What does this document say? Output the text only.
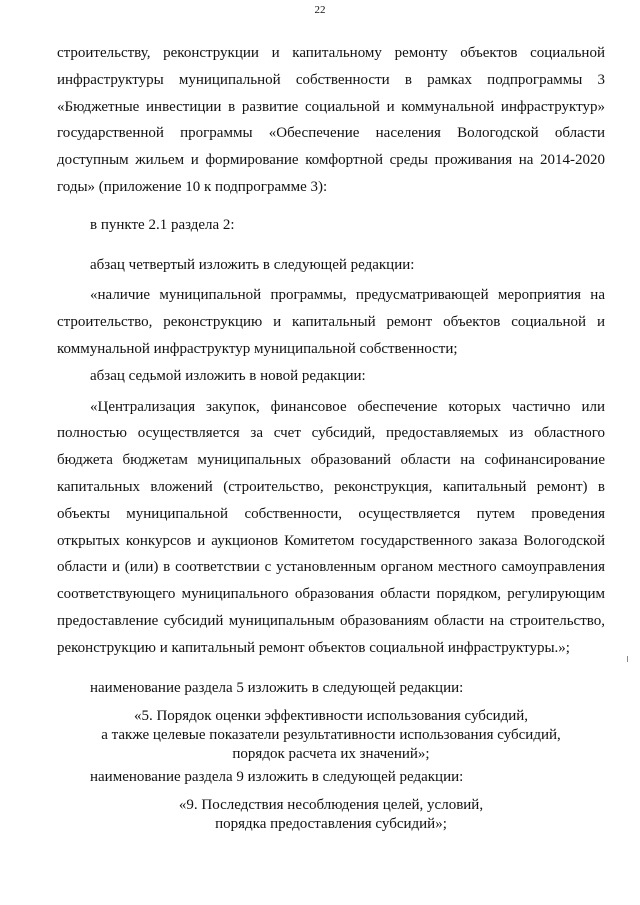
22

строительству, реконструкции и капитальному ремонту объектов социальной инфраструктуры муниципальной собственности в рамках подпрограммы 3 «Бюджетные инвестиции в развитие социальной и коммунальной инфраструктур» государственной программы «Обеспечение населения Вологодской области доступным жильем и формирование комфортной среды проживания на 2014-2020 годы» (приложение 10 к подпрограмме 3):

в пункте 2.1 раздела 2:

абзац четвертый изложить в следующей редакции:

«наличие муниципальной программы, предусматривающей мероприятия на строительство, реконструкцию и капитальный ремонт объектов социальной и коммунальной инфраструктур муниципальной собственности;

абзац седьмой изложить в новой редакции:

«Централизация закупок, финансовое обеспечение которых частично или полностью осуществляется за счет субсидий, предоставляемых из областного бюджета бюджетам муниципальных образований области на софинансирование капитальных вложений (строительство, реконструкция, капитальный ремонт) в объекты муниципальной собственности, осуществляется путем проведения открытых конкурсов и аукционов Комитетом государственного заказа Вологодской области и (или) в соответствии с установленным органом местного самоуправления соответствующего муниципального образования области порядком, регулирующим предоставление субсидий муниципальным образованиям области на строительство, реконструкцию и капитальный ремонт объектов социальной инфраструктуры.»;

наименование раздела 5 изложить в следующей редакции:

«5. Порядок оценки эффективности использования субсидий,
а также целевые показатели результативности использования субсидий,
порядок расчета их значений»;

наименование раздела 9 изложить в следующей редакции:

«9. Последствия несоблюдения целей, условий,
порядка предоставления субсидий»;
